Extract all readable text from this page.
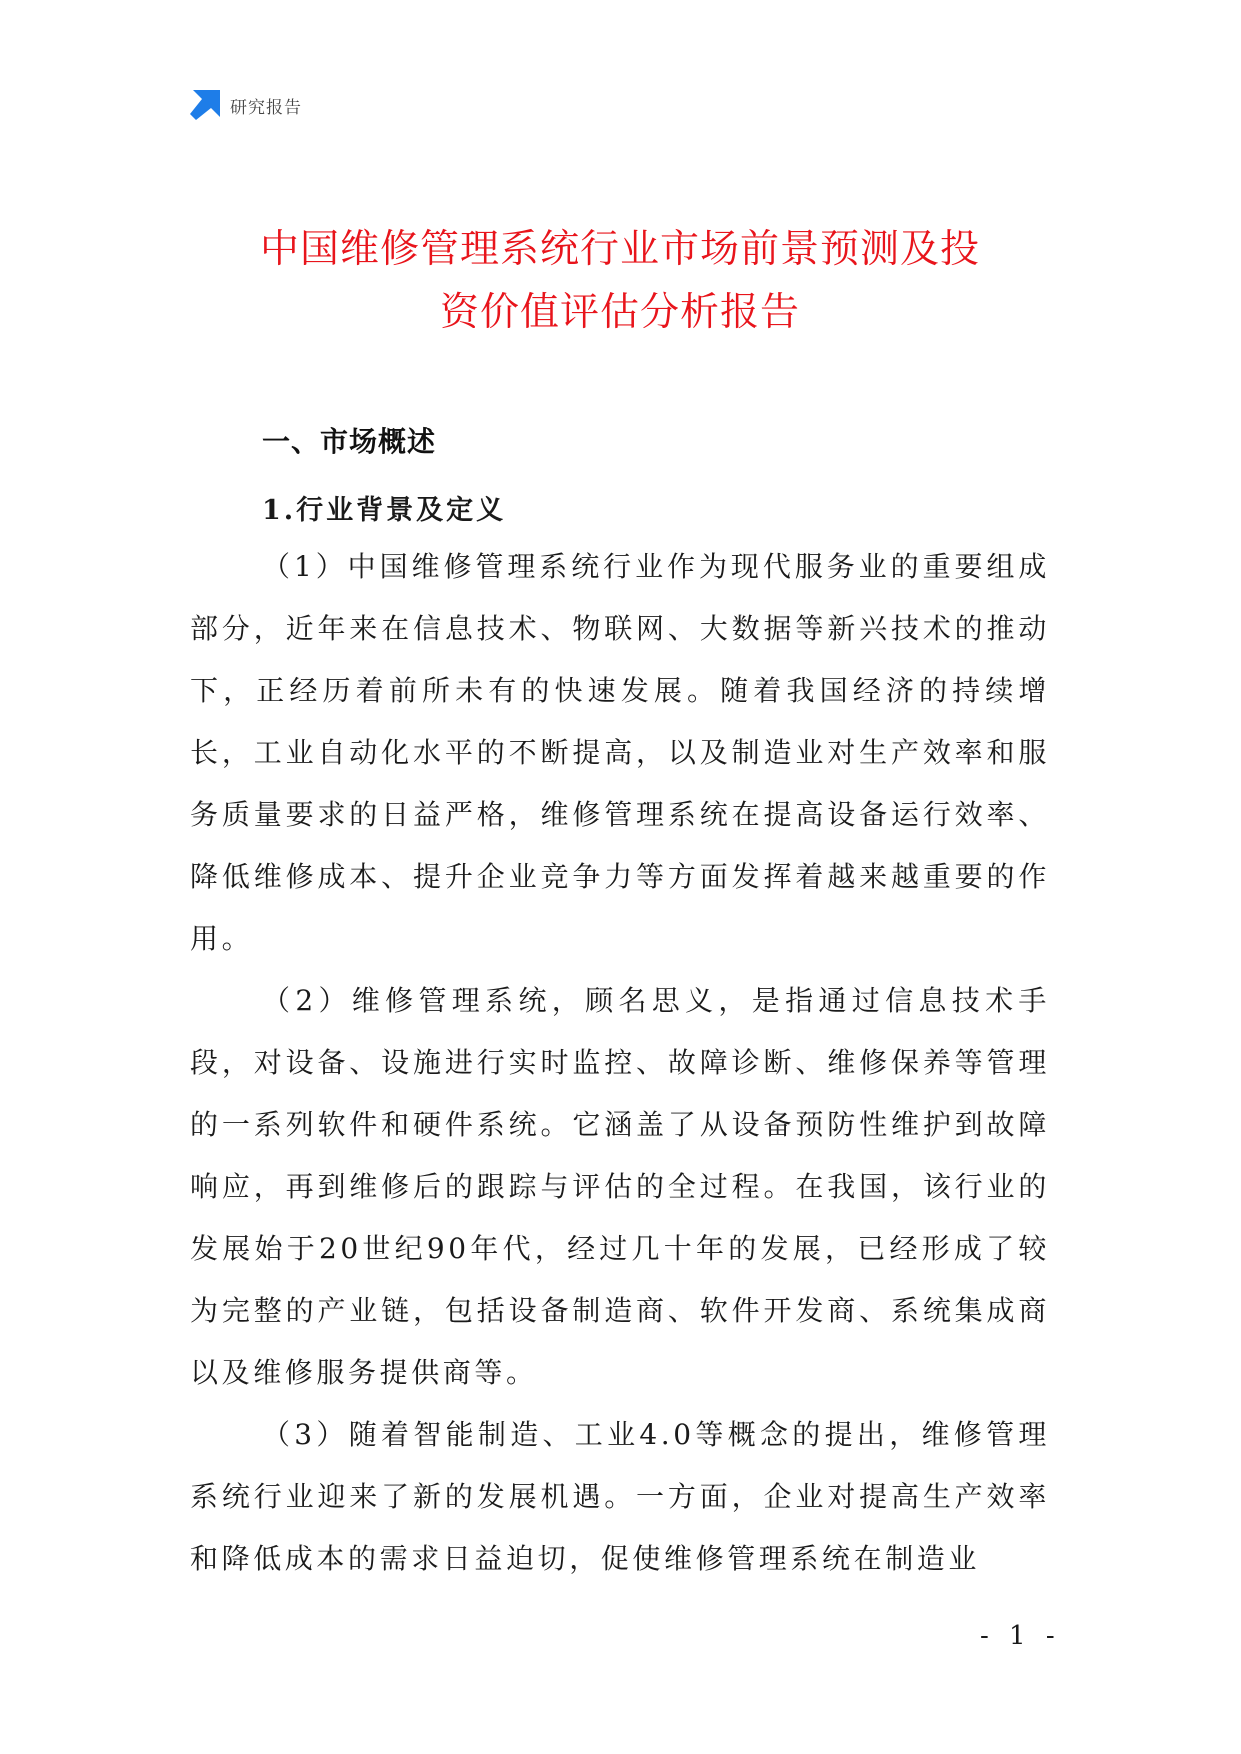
研究报告
中国维修管理系统行业市场前景预测及投
资价值评估分析报告
一、市场概述
1.行业背景及定义

（1）中国维修管理系统行业作为现代服务业的重要组成部分，近年来在信息技术、物联网、大数据等新兴技术的推动下，正经历着前所未有的快速发展。随着我国经济的持续增长，工业自动化水平的不断提高，以及制造业对生产效率和服务质量要求的日益严格，维修管理系统在提高设备运行效率、降低维修成本、提升企业竞争力等方面发挥着越来越重要的作用。

（2）维修管理系统，顾名思义，是指通过信息技术手段，对设备、设施进行实时监控、故障诊断、维修保养等管理的一系列软件和硬件系统。它涵盖了从设备预防性维护到故障响应，再到维修后的跟踪与评估的全过程。在我国，该行业的发展始于20世纪90年代，经过几十年的发展，已经形成了较为完整的产业链，包括设备制造商、软件开发商、系统集成商以及维修服务提供商等。

（3）随着智能制造、工业4.0等概念的提出，维修管理系统行业迎来了新的发展机遇。一方面，企业对提高生产效率和降低成本的需求日益迫切，促使维修管理系统在制造业

- 1 -
